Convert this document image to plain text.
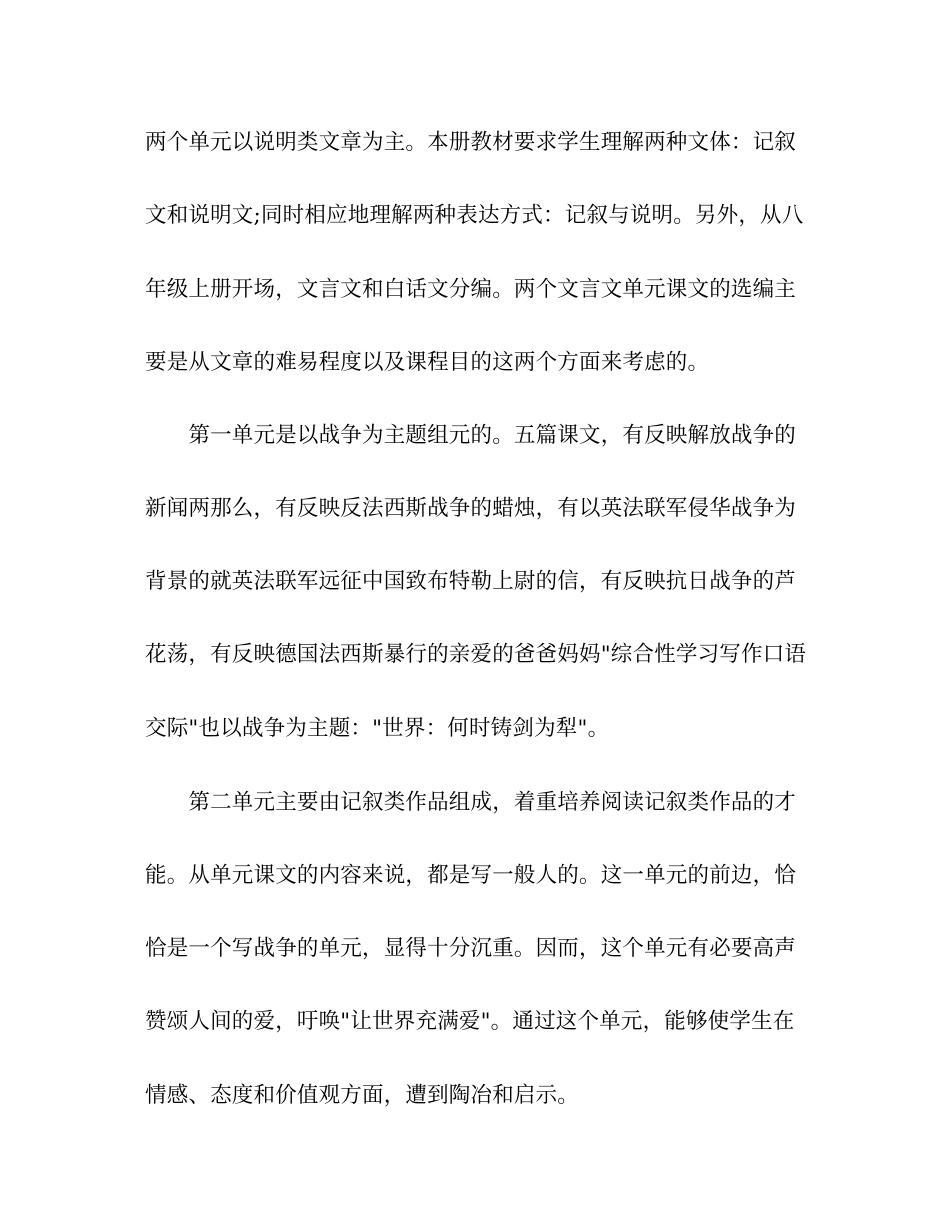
两个单元以说明类文章为主。本册教材要求学生理解两种文体：记叙
文和说明文;同时相应地理解两种表达方式：记叙与说明。另外，从八
年级上册开场，文言文和白话文分编。两个文言文单元课文的选编主
要是从文章的难易程度以及课程目的这两个方面来考虑的。
　　第一单元是以战争为主题组元的。五篇课文，有反映解放战争的
新闻两那么，有反映反法西斯战争的蜡烛，有以英法联军侵华战争为
背景的就英法联军远征中国致布特勒上尉的信，有反映抗日战争的芦
花荡，有反映德国法西斯暴行的亲爱的爸爸妈妈"综合性学习写作口语
交际"也以战争为主题："世界：何时铸剑为犁"。
　　第二单元主要由记叙类作品组成，着重培养阅读记叙类作品的才
能。从单元课文的内容来说，都是写一般人的。这一单元的前边，恰
恰是一个写战争的单元，显得十分沉重。因而，这个单元有必要高声
赞颂人间的爱，吁唤"让世界充满爱"。通过这个单元，能够使学生在
情感、态度和价值观方面，遭到陶冶和启示。
